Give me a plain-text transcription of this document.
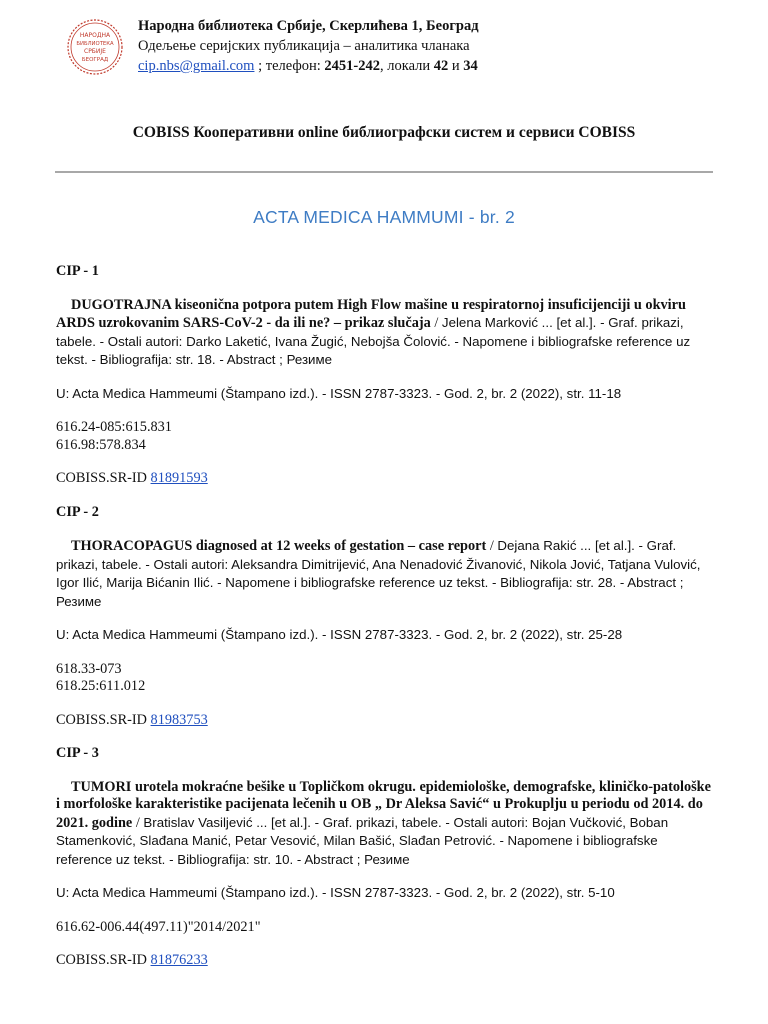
НАРОДНА
БИБЛИОТЕКА
СРБИЈЕ
БЕОГРАД
Народна библиотека Србије, Скерлићева 1, Београд
Одељење серијских публикација – аналитика чланака
cip.nbs@gmail.com ; телефон: 2451-242, локали 42 и 34
COBISS Кооперативни online библиографски систем и сервиси COBISS
ACTA MEDICA HAMMUMI - br. 2
CIP - 1
DUGOTRAJNA kiseonična potpora putem High Flow mašine u respiratornoj insuficijenciji u okviru ARDS uzrokovanim SARS-CoV-2 - da ili ne? – prikaz slučaja / Jelena Marković ... [et al.]. - Graf. prikazi, tabele. - Ostali autori: Darko Laketić, Ivana Žugić, Nebojša Čolović. - Napomene i bibliografske reference uz tekst. - Bibliografija: str. 18. - Abstract ; Резиме
U: Acta Medica Hammeumi (Štampano izd.). - ISSN 2787-3323. - God. 2, br. 2 (2022), str. 11-18
616.24-085:615.831
616.98:578.834
COBISS.SR-ID 81891593
CIP - 2
THORACOPAGUS diagnosed at 12 weeks of gestation – case report / Dejana Rakić ... [et al.]. - Graf. prikazi, tabele. - Ostali autori: Aleksandra Dimitrijević, Ana Nenadović Živanović, Nikola Jović, Tatjana Vulović, Igor Ilić, Marija Bićanin Ilić. - Napomene i bibliografske reference uz tekst. - Bibliografija: str. 28. - Abstract ; Резиме
U: Acta Medica Hammeumi (Štampano izd.). - ISSN 2787-3323. - God. 2, br. 2 (2022), str. 25-28
618.33-073
618.25:611.012
COBISS.SR-ID 81983753
CIP - 3
TUMORI urotela mokraćne bešike u Topličkom okrugu. epidemiološke, demografske, kliničko-patološke i morfološke karakteristike pacijenata lečenih u OB „ Dr Aleksa Savić“ u Prokuplju u periodu od 2014. do 2021. godine / Bratislav Vasiljević ... [et al.]. - Graf. prikazi, tabele. - Ostali autori: Bojan Vučković, Boban Stamenković, Slađana Manić, Petar Vesović, Milan Bašić, Slađan Petrović. - Napomene i bibliografske reference uz tekst. - Bibliografija: str. 10. - Abstract ; Резиме
U: Acta Medica Hammeumi (Štampano izd.). - ISSN 2787-3323. - God. 2, br. 2 (2022), str. 5-10
616.62-006.44(497.11)"2014/2021"
COBISS.SR-ID 81876233
